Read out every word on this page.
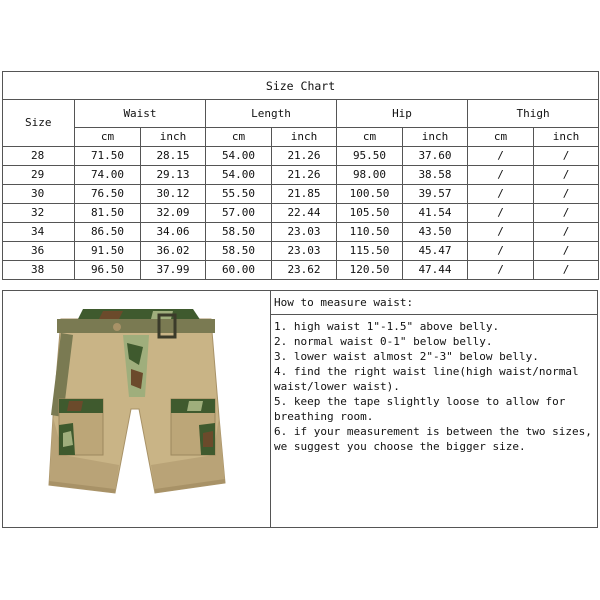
Size Chart								
Size	Waist		Length		Hip		Thigh	
	cm	inch	cm	inch	cm	inch	cm	inch
28	71.50	28.15	54.00	21.26	95.50	37.60	/	/
29	74.00	29.13	54.00	21.26	98.00	38.58	/	/
30	76.50	30.12	55.50	21.85	100.50	39.57	/	/
32	81.50	32.09	57.00	22.44	105.50	41.54	/	/
34	86.50	34.06	58.50	23.03	110.50	43.50	/	/
36	91.50	36.02	58.50	23.03	115.50	45.47	/	/
38	96.50	37.99	60.00	23.62	120.50	47.44	/	/
How to measure waist:
1. high waist 1"-1.5" above belly.
2. normal waist 0-1" below belly.
3. lower waist almost 2"-3" below belly.
4. find the right waist line(high waist/normal waist/lower waist).
5. keep the tape slightly loose to allow for breathing room.
6. if your measurement is between the two sizes, we suggest you choose the bigger size.
